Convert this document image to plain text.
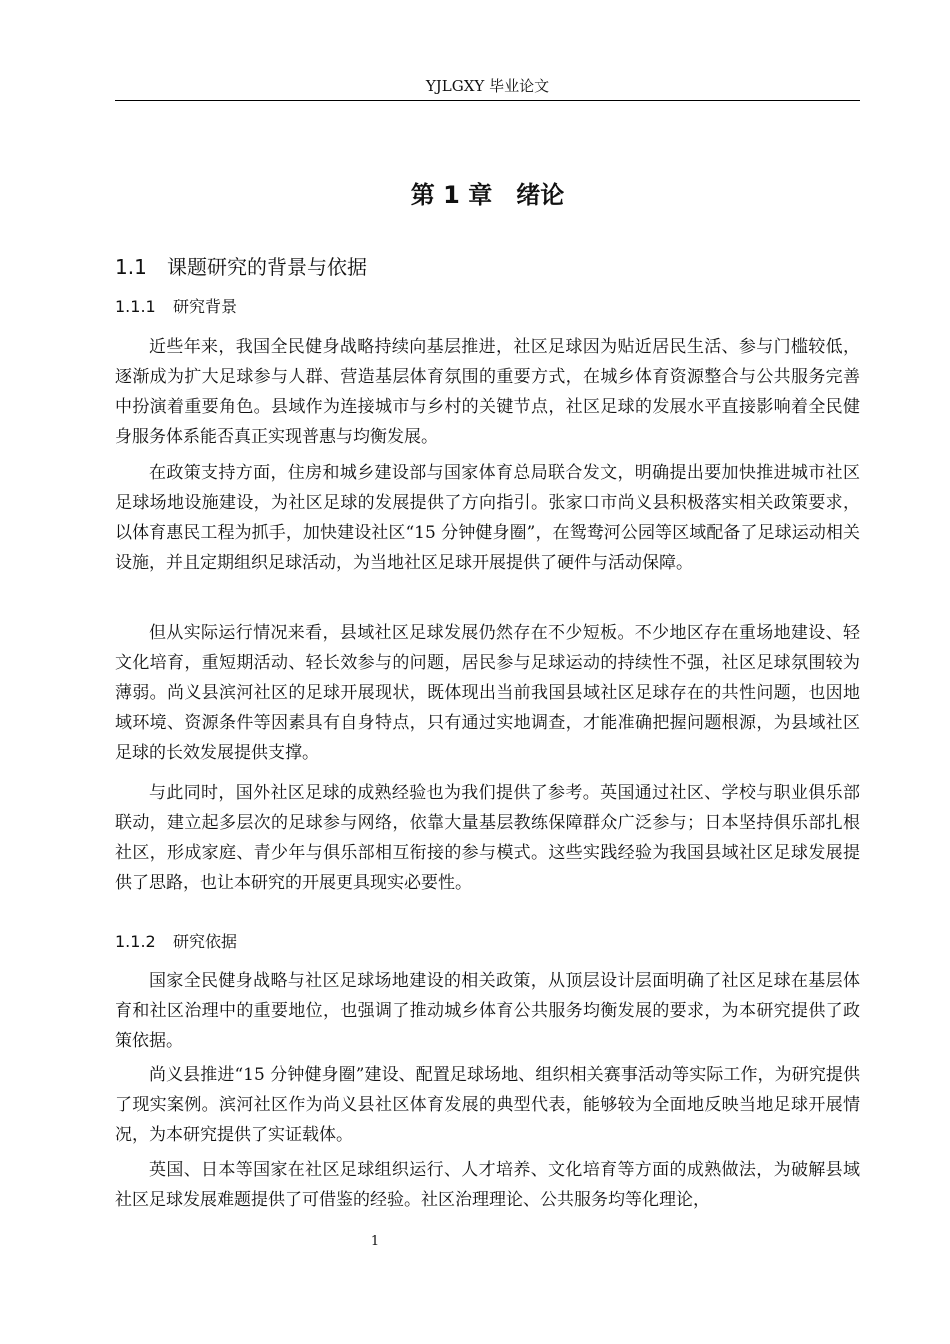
YJLGXY 毕业论文
第 1 章　绪论
1.1 课题研究的背景与依据
1.1.1 研究背景

近些年来，我国全民健身战略持续向基层推进，社区足球因为贴近居民生活、参与门槛较低，逐渐成为扩大足球参与人群、营造基层体育氛围的重要方式，在城乡体育资源整合与公共服务完善中扮演着重要角色。县域作为连接城市与乡村的关键节点，社区足球的发展水平直接影响着全民健身服务体系能否真正实现普惠与均衡发展。

在政策支持方面，住房和城乡建设部与国家体育总局联合发文，明确提出要加快推进城市社区足球场地设施建设，为社区足球的发展提供了方向指引。张家口市尚义县积极落实相关政策要求，以体育惠民工程为抓手，加快建设社区“15 分钟健身圈”，在鸳鸯河公园等区域配备了足球运动相关设施，并且定期组织足球活动，为当地社区足球开展提供了硬件与活动保障。

但从实际运行情况来看，县域社区足球发展仍然存在不少短板。不少地区存在重场地建设、轻文化培育，重短期活动、轻长效参与的问题，居民参与足球运动的持续性不强，社区足球氛围较为薄弱。尚义县滨河社区的足球开展现状，既体现出当前我国县域社区足球存在的共性问题，也因地域环境、资源条件等因素具有自身特点，只有通过实地调查，才能准确把握问题根源，为县域社区足球的长效发展提供支撑。

与此同时，国外社区足球的成熟经验也为我们提供了参考。英国通过社区、学校与职业俱乐部联动，建立起多层次的足球参与网络，依靠大量基层教练保障群众广泛参与；日本坚持俱乐部扎根社区，形成家庭、青少年与俱乐部相互衔接的参与模式。这些实践经验为我国县域社区足球发展提供了思路，也让本研究的开展更具现实必要性。

1.1.2 研究依据

国家全民健身战略与社区足球场地建设的相关政策，从顶层设计层面明确了社区足球在基层体育和社区治理中的重要地位，也强调了推动城乡体育公共服务均衡发展的要求，为本研究提供了政策依据。

尚义县推进“15 分钟健身圈”建设、配置足球场地、组织相关赛事活动等实际工作，为研究提供了现实案例。滨河社区作为尚义县社区体育发展的典型代表，能够较为全面地反映当地足球开展情况，为本研究提供了实证载体。

英国、日本等国家在社区足球组织运行、人才培养、文化培育等方面的成熟做法，为破解县域社区足球发展难题提供了可借鉴的经验。社区治理理论、公共服务均等化理论，

1
